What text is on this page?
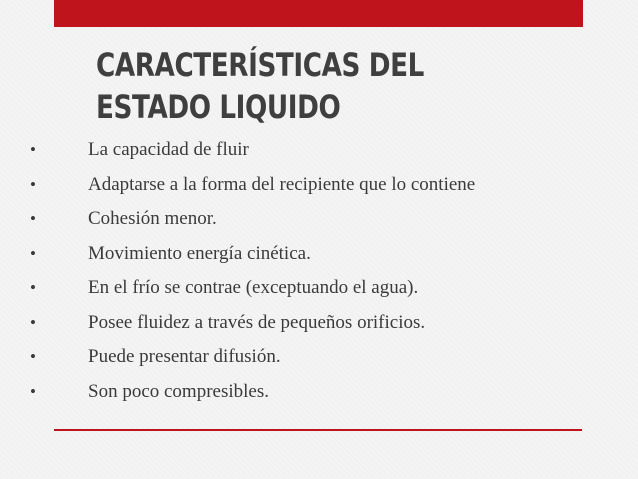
CARACTERÍSTICAS DEL
ESTADO LIQUIDO
•	La capacidad de fluir
•	Adaptarse a la forma del recipiente que lo contiene
•	Cohesión menor.
•	Movimiento energía cinética.
•	En el frío se contrae (exceptuando el agua).
•	Posee fluidez a través de pequeños orificios.
•	Puede presentar difusión.
•	Son poco compresibles.
